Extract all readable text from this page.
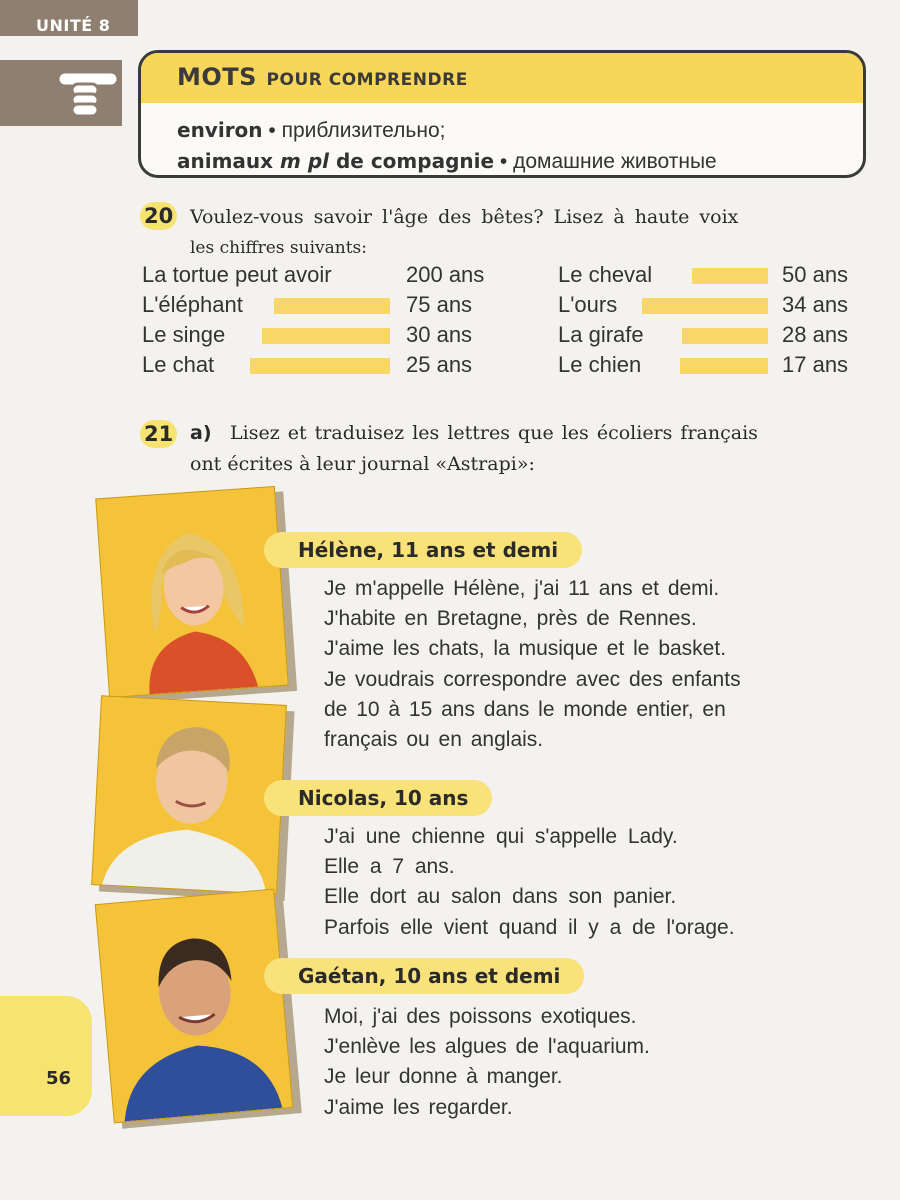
UNITÉ 8
MOTS POUR COMPRENDRE
environ • приблизительно;
animaux m pl de compagnie • домашние животные
20 Voulez-vous savoir l'âge des bêtes? Lisez à haute voix
les chiffres suivants:
La tortue peut avoir	200 ans
L'éléphant	75 ans
Le singe	30 ans
Le chat	25 ans
Le cheval	50 ans
L'ours	34 ans
La girafe	28 ans
Le chien	17 ans
21 a) Lisez et traduisez les lettres que les écoliers français
ont écrites à leur journal «Astrapi»:
Hélène, 11 ans et demi
Je m'appelle Hélène, j'ai 11 ans et demi.
J'habite en Bretagne, près de Rennes.
J'aime les chats, la musique et le basket.
Je voudrais correspondre avec des enfants
de 10 à 15 ans dans le monde entier, en
français ou en anglais.
Nicolas, 10 ans
J'ai une chienne qui s'appelle Lady.
Elle a 7 ans.
Elle dort au salon dans son panier.
Parfois elle vient quand il y a de l'orage.
Gaétan, 10 ans et demi
Moi, j'ai des poissons exotiques.
J'enlève les algues de l'aquarium.
Je leur donne à manger.
J'aime les regarder.
56
